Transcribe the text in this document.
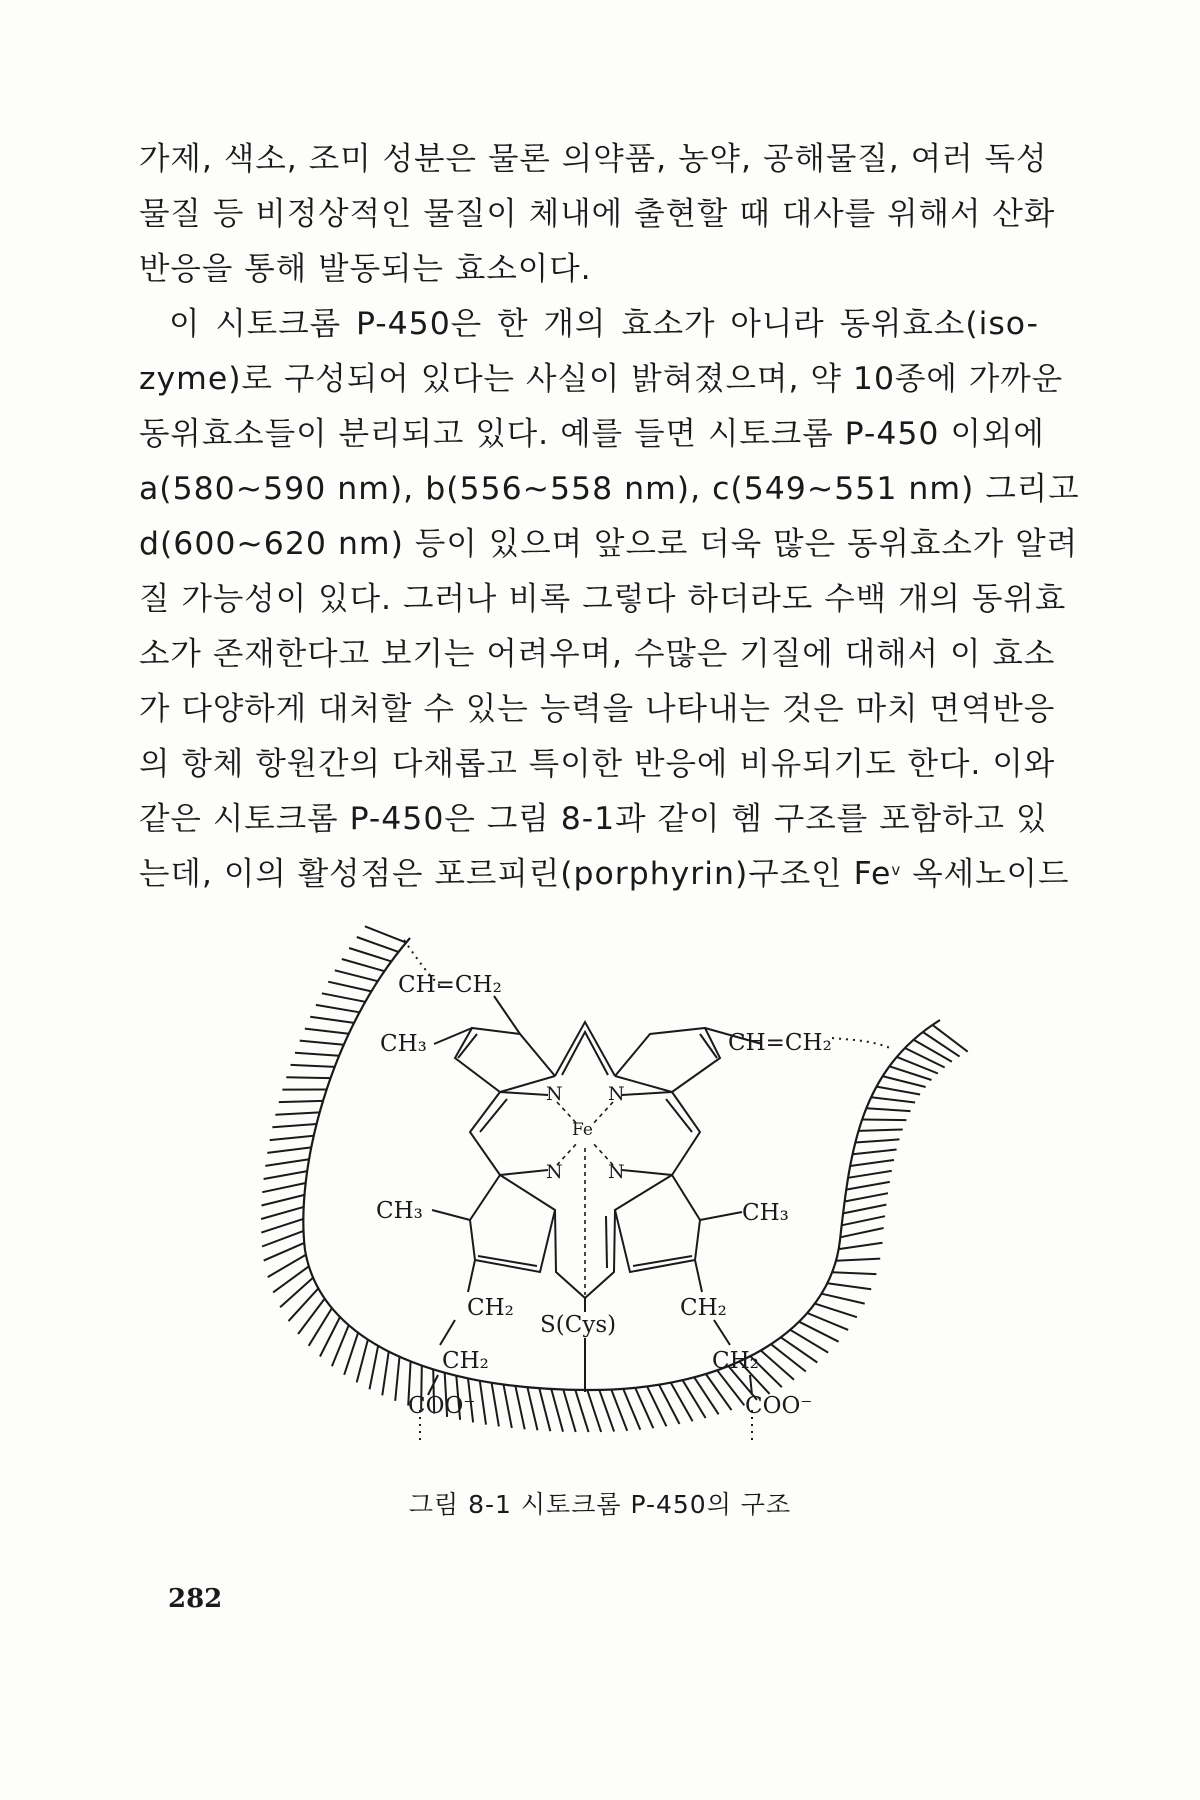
가제, 색소, 조미 성분은 물론 의약품, 농약, 공해물질, 여러 독성
물질 등 비정상적인 물질이 체내에 출현할 때 대사를 위해서 산화
반응을 통해 발동되는 효소이다.
이 시토크롬 P-450은 한 개의 효소가 아니라 동위효소(iso-
zyme)로 구성되어 있다는 사실이 밝혀졌으며, 약 10종에 가까운
동위효소들이 분리되고 있다. 예를 들면 시토크롬 P-450 이외에
a(580~590 nm), b(556~558 nm), c(549~551 nm) 그리고
d(600~620 nm) 등이 있으며 앞으로 더욱 많은 동위효소가 알려
질 가능성이 있다. 그러나 비록 그렇다 하더라도 수백 개의 동위효
소가 존재한다고 보기는 어려우며, 수많은 기질에 대해서 이 효소
가 다양하게 대처할 수 있는 능력을 나타내는 것은 마치 면역반응
의 항체 항원간의 다채롭고 특이한 반응에 비유되기도 한다. 이와
같은 시토크롬 P-450은 그림 8-1과 같이 헴 구조를 포함하고 있
는데, 이의 활성점은 포르피린(porphyrin)구조인 Fe$^v$ 옥세노이드
CH=CH₂
CH₃	CH=CH₂
N N
Fe
N N
CH₃	CH₃
CH₂
CH₂
COO⁻
CH₂
CH₂
COO⁻
S(Cys)
그림 8-1 시토크롬 P-450의 구조
282
